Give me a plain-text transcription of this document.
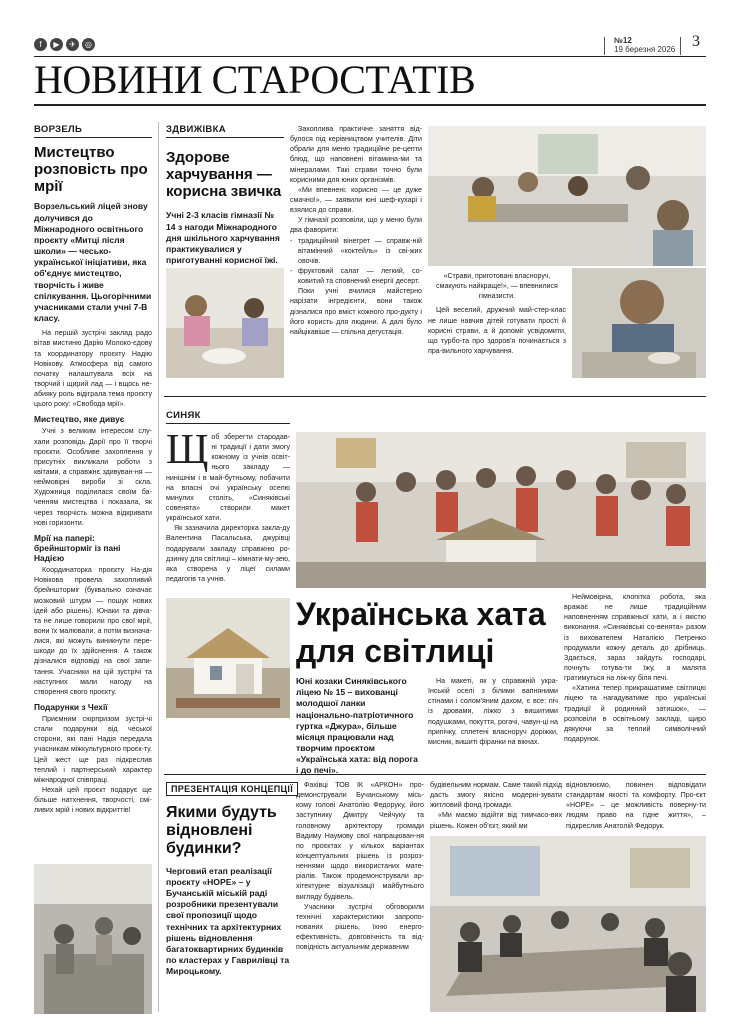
f	▶	✈	◎	№12
19 березня 2026 3
НОВИНИ СТАРОСТАТІВ
ВОРЗЕЛЬ
Мистецтво розповість про мрії
Ворзельський ліцей знову долучився до Міжнародного освітнього проєкту «Митці після школи» — чесько-української ініціативи, яка об'єднує мистецтво, творчість і живе спілкування. Цьогорічними учасниками стали учні 7-В класу.
На першій зустрічі заклад радо вітав мистиню Дарію Молоко-єдову та координатору проєкту Надію Новікову. Атмосфера від самого початку налаштувала всіх на творчий і щирий лад — і вщось не-абияку роль відіграла тема проєкту цього року: «Свобода мрії».
Мистецтво, яке дивує
Учні з великим інтересом слу-хали розповідь Дарії про її творчі проєкти. Особливе захоплення у присутніх викликали роботи з квітами, а справжнє здивуван-ня — неймовірні вироби зі скла. Художниця поділилася своїм ба-ченням мистецтва і показала, як через творчість можна відкривати нові горизонти.
Мрії на папері: брейншторміг із пані Надією
Координаторка проєкту На-дія Новікова провела захопливий брейншторміг (буквально означає мозковий штурм — пошук нових ідей або рішень). Юнаки та дівча-та не лише говорили про свої мрії, вони їх малювали, а потім визнача-лися, які можуть виникнути пере-шкоди до їх здійснення. А також дізналися відповіді на свої запи-тання. Учасники на цій зустрічі та наступних мали нагоду на створення свого проєкту.
Подарунки з Чехії
Приємним сюрпризом зустрі-чі стали подарунки від чеської сторони, які пані Надія передала учасникам міжкультурного проєк-ту. Цей жест ще раз підкреслив теплий і партнерський характер міжнародної співпраці.
Нехай цей проєкт подарує ще більше натхнення, творчості, смі-ливих мрій і нових відкриттів!
ЗДВИЖІВКА
Здорове харчування — корисна звичка
Учні 2-3 класів гімназії № 14 з нагоди Міжнародного дня шкільного харчування практикувалися у приготуванні корисної їжі.
Захоплива практичне заняття від-булося під керівництвом учителів. Діти обрали для меню традиційне ре-цепти блюд, що наповнені вітамина-ми та мінералами. Такі страви точно були корисними для юних організмів.
«Ми впевнені: корисно — це дуже смачно!», — заявили юні шеф-кухарі і взялися до справи.
У гімназії розповіли, що у меню були два фаворити:
- традиційний вінегрет — справж-ній вітамінний «коктейль» із сві-жих овочів.
- фруктовий салат — легкий, со-ковитий та сповнений енергії десерт.
Поки учні вчилися майстерно нарізати інгредієнти, вони також дізналися про вміст кожного про-дукту і його користь для людини. А далі було найцікавіше — спільна дегустація.
«Страви, приготовані власноруч, смакують найкраще!», — впевнилися гімназисти.
Цей веселий, дружний май-стер-клас не лише навчив дітей готувати прості й корисні страви, а й допоміг усвідомити, що турбо-та про здоров'я починається з пра-вильного харчування.
СИНЯК
Щоб зберегти стародав-ні традиції і дати змогу кожному із учнів освіт-нього закладу — нинішнім і в май-бутньому, побачити на власні очі українську оселю минулих століть, «Синяківські совенята» створили макет української хати.
Як зазначила директорка закла-ду Валентина Пасальська, джурівці подарували закладу справжню ро-дзинку для світлиці – кімнати-му-зею, яка створена у ліцеї силами педагогів та учнів.
Українська хата для світлиці
Юні козаки Синяківського ліцею № 15 – вихованці молодшої ланки національно-патріотичного гуртка «Джура», більше місяця працювали над творчим проєктом «Українська хата: від порога і до печі».
На макеті, як у справжній укра-їнській оселі з білими вапняними стінами і солом'яним дахом, є все: піч із дровами, ліжко з вишитими подушками, покуття, рогачі, чавун-ці на припічку, сплетені власноруч доріжки, мисник, вишиті фіранки на вікнах.
Неймовірна, клопітка робота, яка вражає не лише традиційним наповненням справжньої хати, а і якістю виконання. «Синяківські со-венята» разом із вихователем Наталією Петренко продумали кожну деталь до дрібниць. Здається, зараз зайдуть господарі, почнуть готува-ти їжу, а малята гратимуться на ліж-ку біля печі.
«Хатина тепер прикрашатиме світлицю ліцею та нагадуватиме про українські традиції й родинний затишок», — розповіли в освітньому закладі, щиро дякуючи за теплий символічний подарунок.
ПРЕЗЕНТАЦІЯ КОНЦЕПЦІЇ
Якими будуть відновлені будинки?
Черговий етап реалізації проєкту «НОРЕ» – у Бучанській міській раді розробники презентували свої пропозиції щодо технічних та архітектурних рішень відновлення багатоквартирних будинків по кластерах у Гаврилівці та Мироцькому.
Фахівці ТОВ ІК «АРКОН» про-демонстрували Бучанському місь-кому голові Анатолію Федоруку, його заступнику Дмитру Чейчуку та головному архітектору громади Вадиму Наумову свої напрацюван-ня по проєктах у кількох варіантах концептуальних рішень із розроз-неннями щодо використаних мате-ріалів. Також продемонстрували ар-хітектурне візуалізації майбутнього вигляду будівель.
Учасники зустрічі обговорили технічні характеристики запропо-нованих рішень, їхню енерго-ефективність, довговічність та від-повідність актуальним державним
будівельним нормам. Саме такий підхід дасть змогу якісно модерні-зувати житловий фонд громади.
«Ми маємо відійти від тимчасо-вих рішень. Кожен об'єкт, який ми
відновлюємо, повинен відповідати стандартам якості та комфорту. Про-єкт «НОРЕ» – це можливість поверну-ти людям право на гідне життя», – підкреслив Анатолій Федорук.
